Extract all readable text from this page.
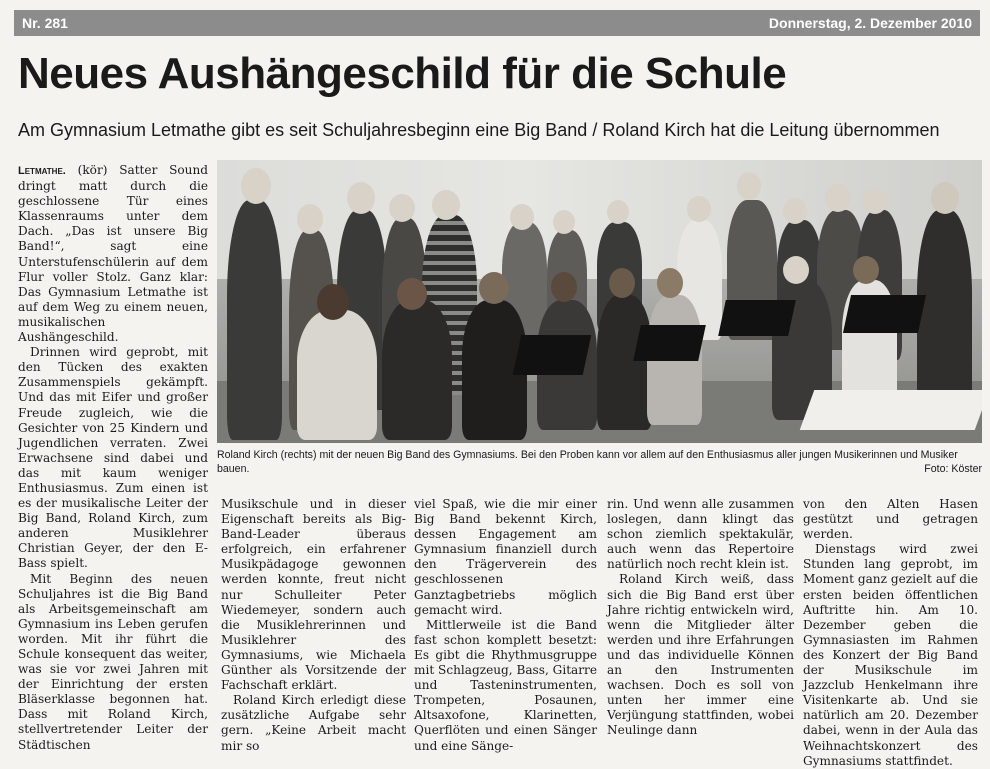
Nr. 281	Donnerstag, 2. Dezember 2010
Neues Aushängeschild für die Schule
Am Gymnasium Letmathe gibt es seit Schuljahresbeginn eine Big Band / Roland Kirch hat die Leitung übernommen

Letmathe. (kör) Satter Sound dringt matt durch die geschlossene Tür eines Klassenraums unter dem Dach. „Das ist unsere Big Band!“, sagt eine Unterstufenschülerin auf dem Flur voller Stolz. Ganz klar: Das Gymnasium Letmathe ist auf dem Weg zu einem neuen, musikalischen Aushängeschild.

Drinnen wird geprobt, mit den Tücken des exakten Zusammenspiels gekämpft. Und das mit Eifer und großer Freude zugleich, wie die Gesichter von 25 Kindern und Jugendlichen verraten. Zwei Erwachsene sind dabei und das mit kaum weniger Enthusiasmus. Zum einen ist es der musikalische Leiter der Big Band, Roland Kirch, zum anderen Musiklehrer Christian Geyer, der den E-Bass spielt.

Mit Beginn des neuen Schuljahres ist die Big Band als Arbeitsgemeinschaft am Gymnasium ins Leben gerufen worden. Mit ihr führt die Schule konsequent das weiter, was sie vor zwei Jahren mit der Einrichtung der ersten Bläserklasse begonnen hat. Dass mit Roland Kirch, stellvertretender Leiter der Städtischen

Roland Kirch (rechts) mit der neuen Big Band des Gymnasiums. Bei den Proben kann vor allem auf den Enthusiasmus aller jungen Musikerinnen und Musiker bauen.	Foto: Köster

Musikschule und in dieser Eigenschaft bereits als Big-Band-Leader überaus erfolgreich, ein erfahrener Musikpädagoge gewonnen werden konnte, freut nicht nur Schulleiter Peter Wiedemeyer, sondern auch die Musiklehrerinnen und Musiklehrer des Gymnasiums, wie Michaela Günther als Vorsitzende der Fachschaft erklärt.

Roland Kirch erledigt diese zusätzliche Aufgabe sehr gern. „Keine Arbeit macht mir so

viel Spaß, wie die mir einer Big Band bekennt Kirch, dessen Engagement am Gymnasium finanziell durch den Trägerverein des geschlossenen Ganztagbetriebs möglich gemacht wird.

Mittlerweile ist die Band fast schon komplett besetzt: Es gibt die Rhythmusgruppe mit Schlagzeug, Bass, Gitarre und Tasteninstrumenten, Trompeten, Posaunen, Altsaxofone, Klarinetten, Querflöten und einen Sänger und eine Sänge-

rin. Und wenn alle zusammen loslegen, dann klingt das schon ziemlich spektakulär, auch wenn das Repertoire natürlich noch recht klein ist.

Roland Kirch weiß, dass sich die Big Band erst über Jahre richtig entwickeln wird, wenn die Mitglieder älter werden und ihre Erfahrungen und das individuelle Können an den Instrumenten wachsen. Doch es soll von unten her immer eine Verjüngung stattfinden, wobei Neulinge dann

von den Alten Hasen gestützt und getragen werden.

Dienstags wird zwei Stunden lang geprobt, im Moment ganz gezielt auf die ersten beiden öffentlichen Auftritte hin. Am 10. Dezember geben die Gymnasiasten im Rahmen des Konzert der Big Band der Musikschule im Jazzclub Henkelmann ihre Visitenkarte ab. Und sie natürlich am 20. Dezember dabei, wenn in der Aula das Weihnachtskonzert des Gymnasiums stattfindet.
